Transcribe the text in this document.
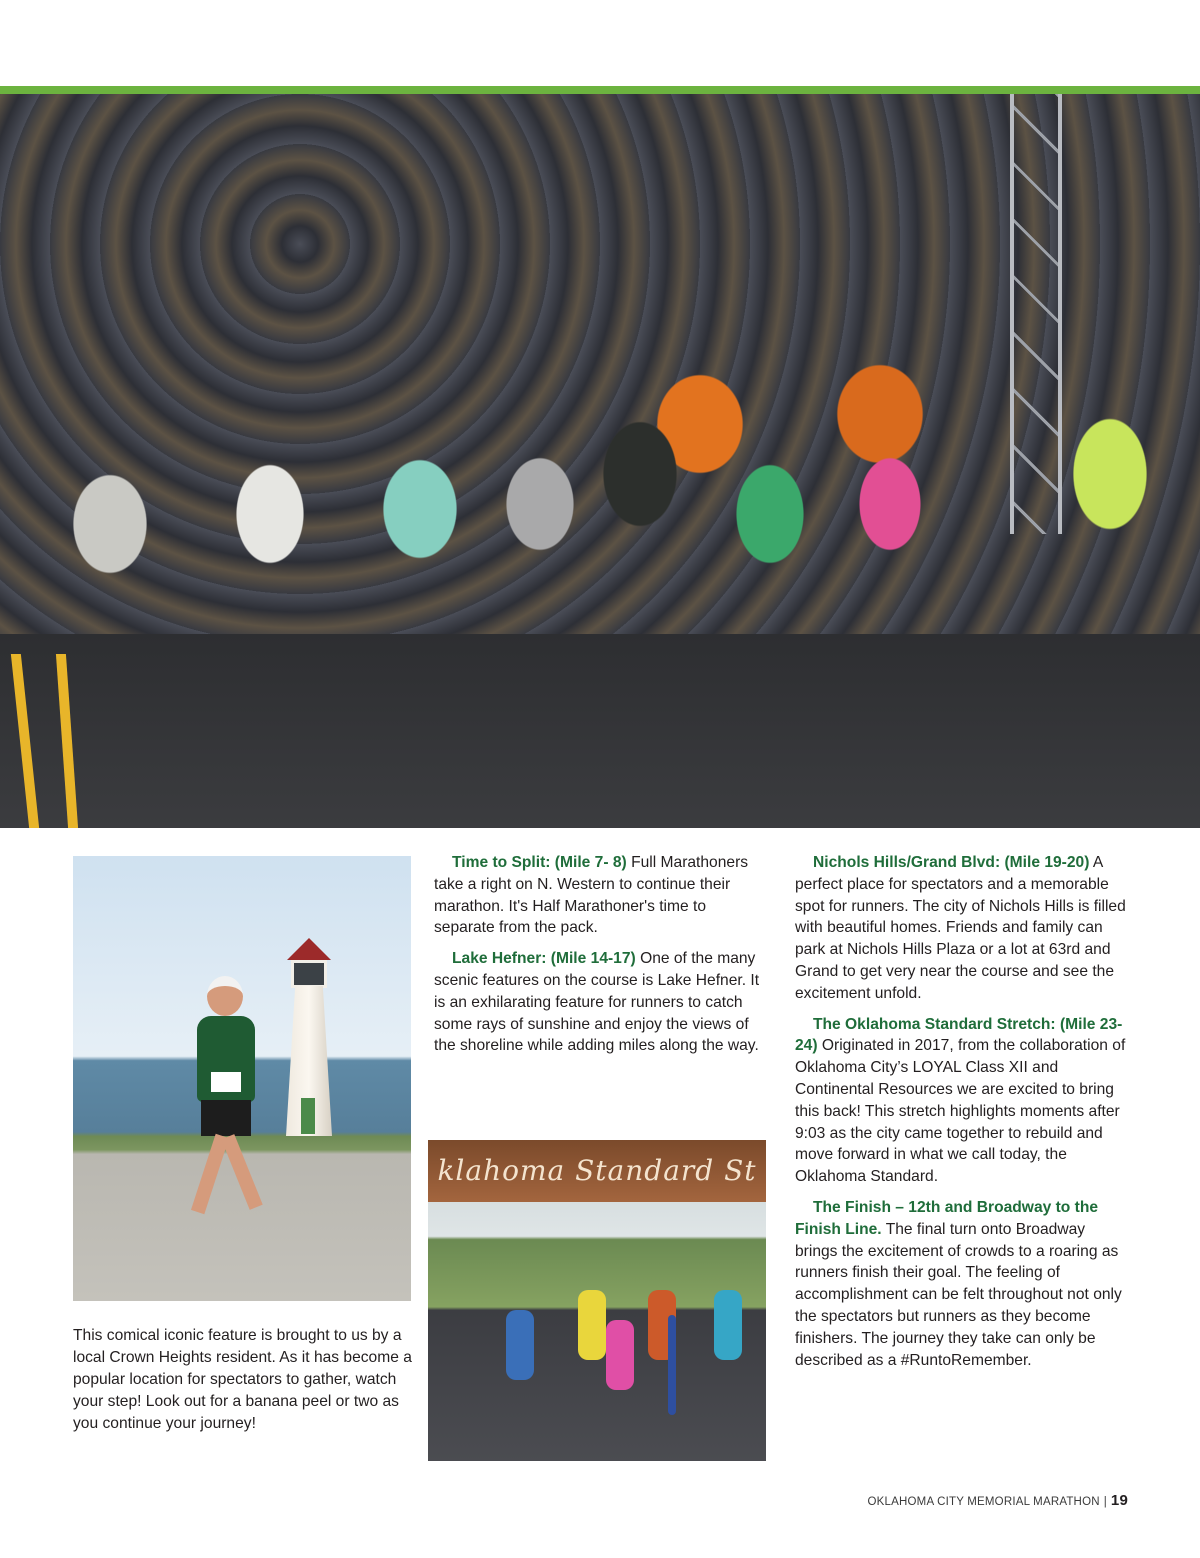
This comical iconic feature is brought to us by a local Crown Heights resident. As it has become a popular location for spectators to gather, watch your step! Look out for a banana peel or two as you continue your journey!
klahoma Standard St

Time to Split: (Mile 7- 8) Full Marathoners take a right on N. Western to continue their marathon. It's Half Marathoner's time to separate from the pack.

Lake Hefner: (Mile 14-17) One of the many scenic features on the course is Lake Hefner. It is an exhilarating feature for runners to catch some rays of sunshine and enjoy the views of the shoreline while adding miles along the way.

Nichols Hills/Grand Blvd: (Mile 19-20) A perfect place for spectators and a memorable spot for runners. The city of Nichols Hills is filled with beautiful homes. Friends and family can park at Nichols Hills Plaza or a lot at 63rd and Grand to get very near the course and see the excitement unfold.

The Oklahoma Standard Stretch: (Mile 23-24) Originated in 2017, from the collaboration of Oklahoma City’s LOYAL Class XII and Continental Resources we are excited to bring this back! This stretch highlights moments after 9:03 as the city came together to rebuild and move forward in what we call today, the Oklahoma Standard.

The Finish – 12th and Broadway to the Finish Line. The final turn onto Broadway brings the excitement of crowds to a roaring as runners finish their goal. The feeling of accomplishment can be felt throughout not only the spectators but runners as they become finishers. The journey they take can only be described as a #RuntoRemember.

OKLAHOMA CITY MEMORIAL MARATHON | 19
